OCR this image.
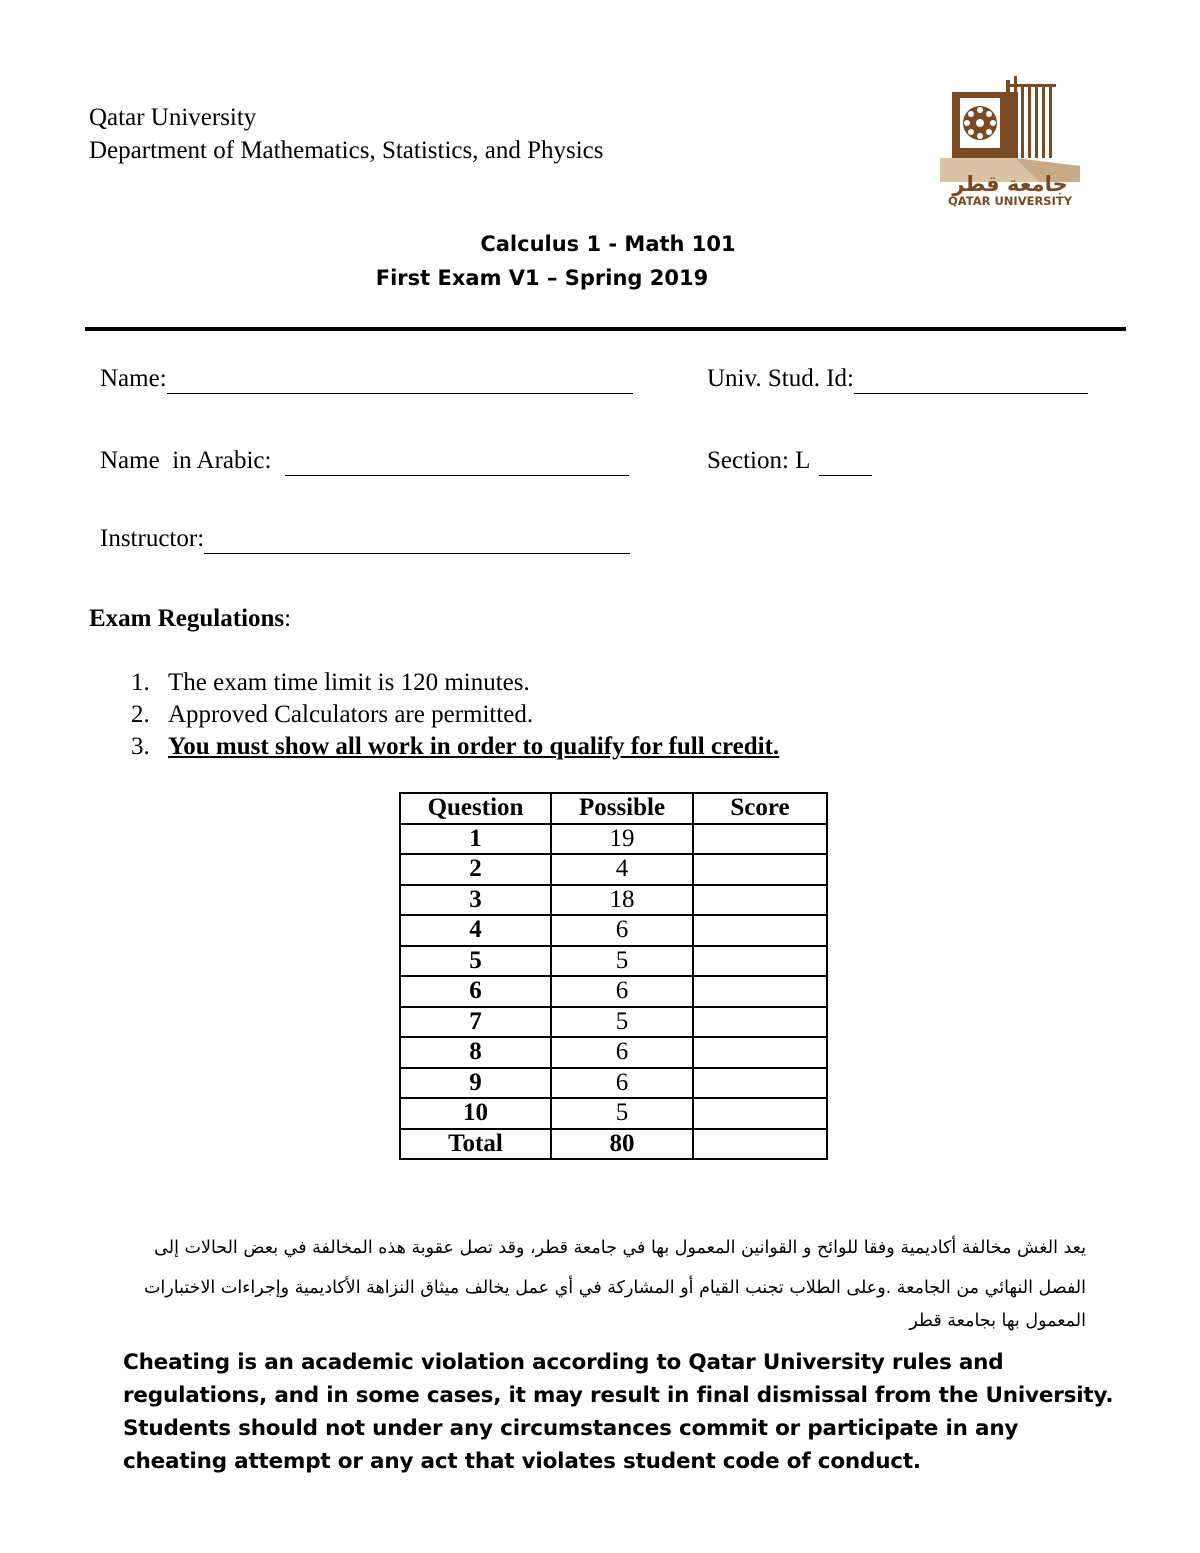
Qatar University
Department of Mathematics, Statistics, and Physics
جامعة قطر
QATAR UNIVERSITY
Calculus 1 - Math 101
First Exam V1 – Spring 2019
Name:	Univ. Stud. Id:
Name  in Arabic:	Section: L
Instructor:
Exam Regulations:
1. The exam time limit is 120 minutes.
2. Approved Calculators are permitted.
3. You must show all work in order to qualify for full credit.
Question	Possible	Score
1	19	
2	4	
3	18	
4	6	
5	5	
6	6	
7	5	
8	6	
9	6	
10	5	
Total	80	
يعد الغش مخالفة أكاديمية وفقا للوائح و القوانين المعمول بها في جامعة قطر، وقد تصل عقوبة هذه المخالفة في بعض الحالات إلى
الفصل النهائي من الجامعة .وعلى الطلاب تجنب القيام أو المشاركة في أي عمل يخالف ميثاق النزاهة الأكاديمية وإجراءات الاختبارات
المعمول بها بجامعة قطر
Cheating is an academic violation according to Qatar University rules and regulations, and in some cases, it may result in final dismissal from the University. Students should not under any circumstances commit or participate in any cheating attempt or any act that violates student code of conduct.
